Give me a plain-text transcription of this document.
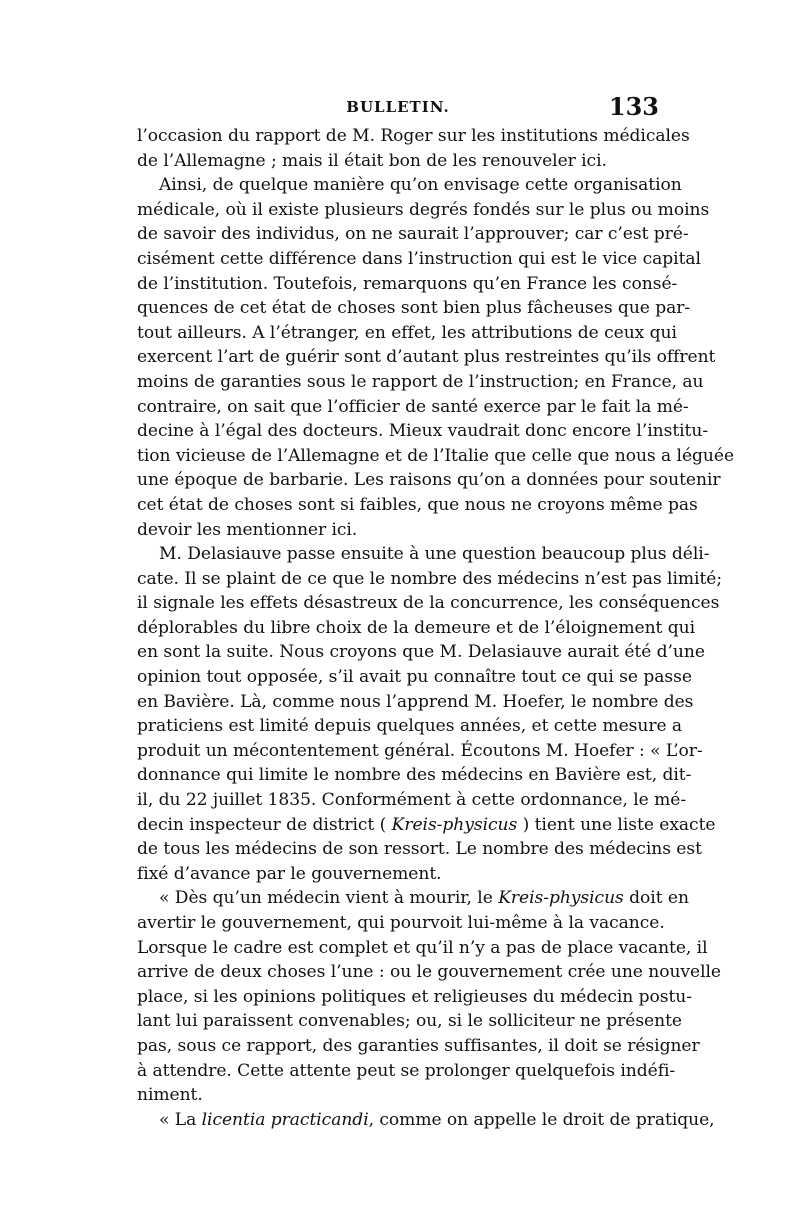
BULLETIN.	133
l’occasion du rapport de M. Roger sur les institutions médicales
de l’Allemagne ; mais il était bon de les renouveler ici.
Ainsi, de quelque manière qu’on envisage cette organisation
médicale, où il existe plusieurs degrés fondés sur le plus ou moins
de savoir des individus, on ne saurait l’approuver; car c’est pré-
cisément cette différence dans l’instruction qui est le vice capital
de l’institution. Toutefois, remarquons qu’en France les consé-
quences de cet état de choses sont bien plus fâcheuses que par-
tout ailleurs. A l’étranger, en effet, les attributions de ceux qui
exercent l’art de guérir sont d’autant plus restreintes qu’ils offrent
moins de garanties sous le rapport de l’instruction; en France, au
contraire, on sait que l’officier de santé exerce par le fait la mé-
decine à l’égal des docteurs. Mieux vaudrait donc encore l’institu-
tion vicieuse de l’Allemagne et de l’Italie que celle que nous a léguée
une époque de barbarie. Les raisons qu’on a données pour soutenir
cet état de choses sont si faibles, que nous ne croyons même pas
devoir les mentionner ici.
M. Delasiauve passe ensuite à une question beaucoup plus déli-
cate. Il se plaint de ce que le nombre des médecins n’est pas limité;
il signale les effets désastreux de la concurrence, les conséquences
déplorables du libre choix de la demeure et de l’éloignement qui
en sont la suite. Nous croyons que M. Delasiauve aurait été d’une
opinion tout opposée, s’il avait pu connaître tout ce qui se passe
en Bavière. Là, comme nous l’apprend M. Hoefer, le nombre des
praticiens est limité depuis quelques années, et cette mesure a
produit un mécontentement général. Écoutons M. Hoefer : « L’or-
donnance qui limite le nombre des médecins en Bavière est, dit-
il, du 22 juillet 1835. Conformément à cette ordonnance, le mé-
decin inspecteur de district ( Kreis-physicus ) tient une liste exacte
de tous les médecins de son ressort. Le nombre des médecins est
fixé d’avance par le gouvernement.
« Dès qu’un médecin vient à mourir, le Kreis-physicus doit en
avertir le gouvernement, qui pourvoit lui-même à la vacance.
Lorsque le cadre est complet et qu’il n’y a pas de place vacante, il
arrive de deux choses l’une : ou le gouvernement crée une nouvelle
place, si les opinions politiques et religieuses du médecin postu-
lant lui paraissent convenables; ou, si le solliciteur ne présente
pas, sous ce rapport, des garanties suffisantes, il doit se résigner
à attendre. Cette attente peut se prolonger quelquefois indéfi-
niment.
« La licentia practicandi, comme on appelle le droit de pratique,
